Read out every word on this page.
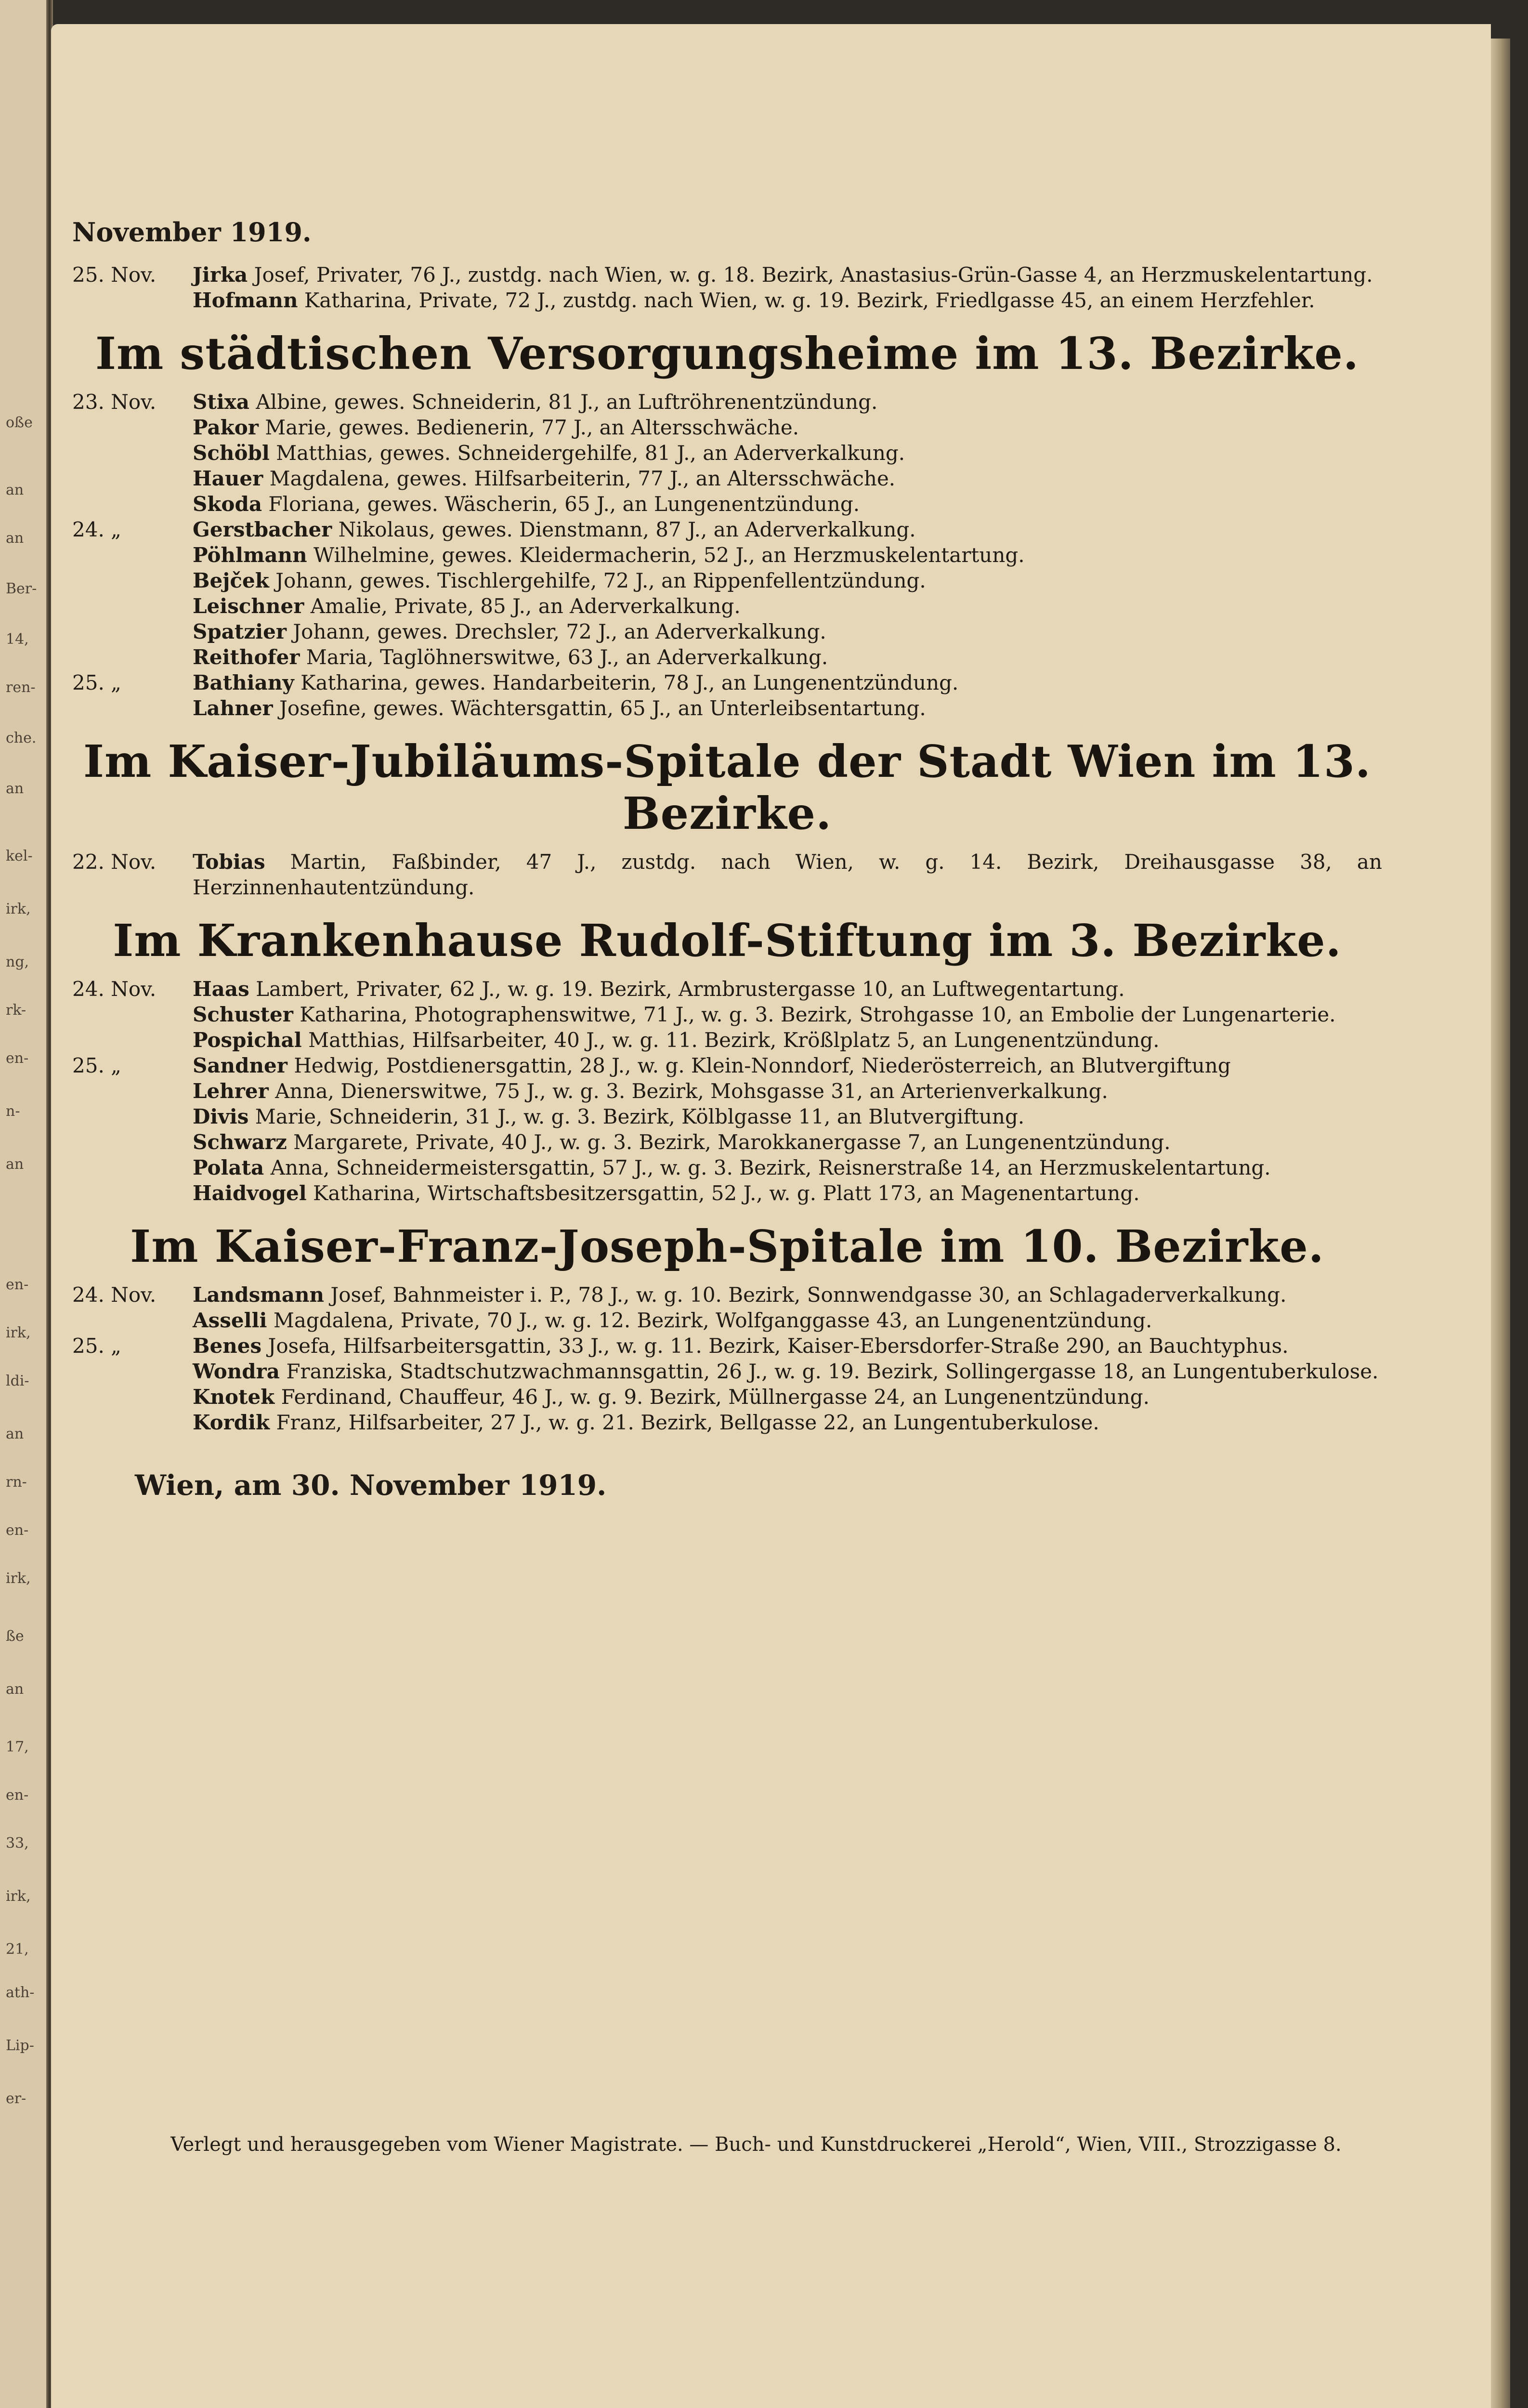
oße
an
an
Ber-
14,
ren-
che.
an
kel-
irk,
ng,
rk-
en-
n-
an
en-
irk,
ldi-
an
rn-
en-
irk,
ße
an
17,
en-
33,
irk,
21,
ath-
Lip-
er-
November 1919.
25. Nov.	Jirka Josef, Privater, 76 J., zustdg. nach Wien, w. g. 18. Bezirk, Anastasius-Grün-Gasse 4, an Herzmuskelentartung.
Hofmann Katharina, Private, 72 J., zustdg. nach Wien, w. g. 19. Bezirk, Friedlgasse 45, an einem Herzfehler.
Im städtischen Versorgungsheime im 13. Bezirke.
23. Nov.	Stixa Albine, gewes. Schneiderin, 81 J., an Luftröhrenentzündung.
Pakor Marie, gewes. Bedienerin, 77 J., an Altersschwäche.
Schöbl Matthias, gewes. Schneidergehilfe, 81 J., an Aderverkalkung.
Hauer Magdalena, gewes. Hilfsarbeiterin, 77 J., an Altersschwäche.
Skoda Floriana, gewes. Wäscherin, 65 J., an Lungenentzündung.
24. „	Gerstbacher Nikolaus, gewes. Dienstmann, 87 J., an Aderverkalkung.
Pöhlmann Wilhelmine, gewes. Kleidermacherin, 52 J., an Herzmuskelentartung.
Bejček Johann, gewes. Tischlergehilfe, 72 J., an Rippenfellentzündung.
Leischner Amalie, Private, 85 J., an Aderverkalkung.
Spatzier Johann, gewes. Drechsler, 72 J., an Aderverkalkung.
Reithofer Maria, Taglöhnerswitwe, 63 J., an Aderverkalkung.
25. „	Bathiany Katharina, gewes. Handarbeiterin, 78 J., an Lungenentzündung.
Lahner Josefine, gewes. Wächtersgattin, 65 J., an Unterleibsentartung.
Im Kaiser-Jubiläums-Spitale der Stadt Wien im 13. Bezirke.
22. Nov.	Tobias Martin, Faßbinder, 47 J., zustdg. nach Wien, w. g. 14. Bezirk, Dreihausgasse 38, an Herzinnenhautentzündung.
Im Krankenhause Rudolf-Stiftung im 3. Bezirke.
24. Nov.	Haas Lambert, Privater, 62 J., w. g. 19. Bezirk, Armbrustergasse 10, an Luftwegentartung.
Schuster Katharina, Photographenswitwe, 71 J., w. g. 3. Bezirk, Strohgasse 10, an Embolie der Lungenarterie.
Pospichal Matthias, Hilfsarbeiter, 40 J., w. g. 11. Bezirk, Krößlplatz 5, an Lungenentzündung.
25. „	Sandner Hedwig, Postdienersgattin, 28 J., w. g. Klein-Nonndorf, Niederösterreich, an Blutvergiftung
Lehrer Anna, Dienerswitwe, 75 J., w. g. 3. Bezirk, Mohsgasse 31, an Arterienverkalkung.
Divis Marie, Schneiderin, 31 J., w. g. 3. Bezirk, Kölblgasse 11, an Blutvergiftung.
Schwarz Margarete, Private, 40 J., w. g. 3. Bezirk, Marokkanergasse 7, an Lungenentzündung.
Polata Anna, Schneidermeistersgattin, 57 J., w. g. 3. Bezirk, Reisnerstraße 14, an Herzmuskelentartung.
Haidvogel Katharina, Wirtschaftsbesitzersgattin, 52 J., w. g. Platt 173, an Magenentartung.
Im Kaiser-Franz-Joseph-Spitale im 10. Bezirke.
24. Nov.	Landsmann Josef, Bahnmeister i. P., 78 J., w. g. 10. Bezirk, Sonnwendgasse 30, an Schlagaderverkalkung.
Asselli Magdalena, Private, 70 J., w. g. 12. Bezirk, Wolfganggasse 43, an Lungenentzündung.
25. „	Benes Josefa, Hilfsarbeitersgattin, 33 J., w. g. 11. Bezirk, Kaiser-Ebersdorfer-Straße 290, an Bauchtyphus.
Wondra Franziska, Stadtschutzwachmannsgattin, 26 J., w. g. 19. Bezirk, Sollingergasse 18, an Lungentuberkulose.
Knotek Ferdinand, Chauffeur, 46 J., w. g. 9. Bezirk, Müllnergasse 24, an Lungenentzündung.
Kordik Franz, Hilfsarbeiter, 27 J., w. g. 21. Bezirk, Bellgasse 22, an Lungentuberkulose.
Wien, am 30. November 1919.
Verlegt und herausgegeben vom Wiener Magistrate. — Buch- und Kunstdruckerei „Herold“, Wien, VIII., Strozzigasse 8.
